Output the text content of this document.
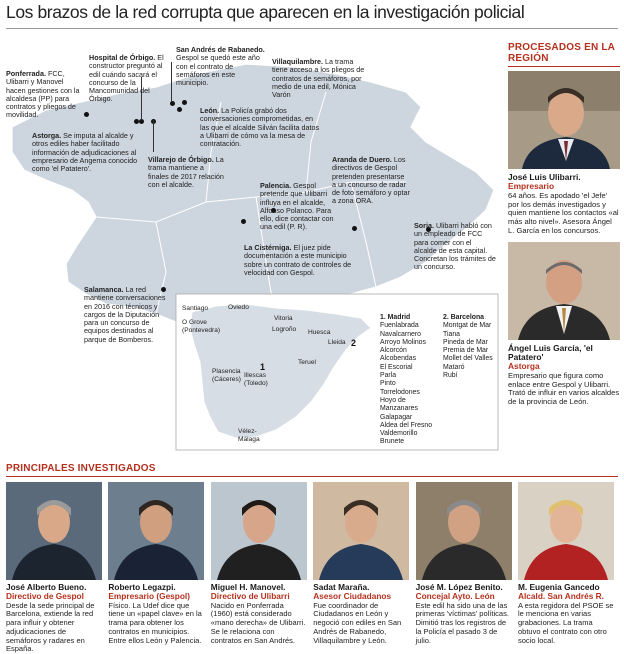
Los brazos de la red corrupta que aparecen en la investigación policial
Ponferrada. FCC, Ulibarri y Manovel hacen gestiones con la alcaldesa (PP) para contratos y pliegos de movilidad.
Hospital de Órbigo. El constructor preguntó al edil cuándo sacará el concurso de la Mancomunidad del Órbigo.
San Andrés de Rabanedo. Gespol se quedó este año con el contrato de semáforos en este municipio.
Villaquilambre. La trama tiene acceso a los pliegos de contratos de semáforos, por medio de una edil, Mónica Varón
León. La Policía grabó dos conversaciones comprometidas, en las que el alcalde Silván facilita datos a Ulibarri de cómo va la mesa de contratación.
Astorga. Se imputa al alcalde y otros ediles haber facilitado información de adjudicaciones al empresario de Angema conocido como 'el Patatero'.
Villarejo de Órbigo. La trama mantiene a finales de 2017 relación con el alcalde.
Aranda de Duero. Los directivos de Gespol pretenden presentarse a un concurso de radar de foto semáforo y optar a zona ORA.
Palencia. Gespol pretende que Ulibarri influya en el alcalde, Alfonso Polanco. Para ello, dice contactar con una edil (P. R).	Soria. Ulibarri habló con un empleado de FCC para comer con el alcalde de esta capital. Concretan los trámites de un concurso.
La Cistérniga. El juez pide documentación a este municipio sobre un contrato de controles de velocidad con Gespol.
Salamanca. La red mantiene conversaciones en 2016 con técnicos y cargos de la Diputación para un concurso de equipos destinados al parque de Bomberos.
Santiago	Oviedo
O Grove (Pontevedra)
Vitoria
Logroño Huesca
Lleida
Teruel
Plasencia (Cáceres) Illescas (Toledo)
Vélez-Málaga
1
2
1. Madrid
Fuenlabrada
Navalcarnero
Arroyo Molinos
Alcorcón
Alcobendas
El Escorial
Parla
Pinto
Torrelodones
Hoyo de Manzanares
Galapagar
Aldea del Fresno
Valdemorillo
Brunete
2. Barcelona
Montgat de Mar
Tiana
Pineda de Mar
Premia de Mar
Mollet del Valles
Mataró
Rubí
PROCESADOS EN LA REGIÓN
José Luis Ulibarri.
Empresario
64 años. Es apodado 'el Jefe' por los demás investigados y quien mantiene los contactos «al más alto nivel». Asesora Ángel L. García en los concursos.
Ángel Luis García, 'el Patatero'
Astorga
Empresario que figura como enlace entre Gespol y Ulibarri. Trató de influir en varios alcaldes de la provincia de León.
PRINCIPALES INVESTIGADOS
José Alberto Bueno.
Directivo de Gespol
Desde la sede principal de Barcelona, extiende la red para influir y obtener adjudicaciones de semáforos y radares en España.
Roberto Legazpi.
Empresario (Gespol)
Físico. La Udef dice que tiene un «papel clave» en la trama para obtener los contratos en municipios. Entre ellos León y Palencia.
Miguel H. Manovel.
Directivo de Ulibarri
Nacido en Ponferrada (1960) está considerado «mano derecha» de Ulibarri. Se le relaciona con contratos en San Andrés.
Sadat Maraña.
Asesor Ciudadanos
Fue coordinador de Ciudadanos en León y negoció con ediles en San Andrés de Rabanedo, Villaquilambre y León.
José M. López Benito.
Concejal Ayto. León
Este edil ha sido una de las primeras 'víctimas' políticas. Dimitió tras los registros de la Policía el pasado 3 de julio.
M. Eugenia Gancedo
Alcald. San Andrés R.
A esta regidora del PSOE se le menciona en varias grabaciones. La trama obtuvo el contrato con otro socio local.
